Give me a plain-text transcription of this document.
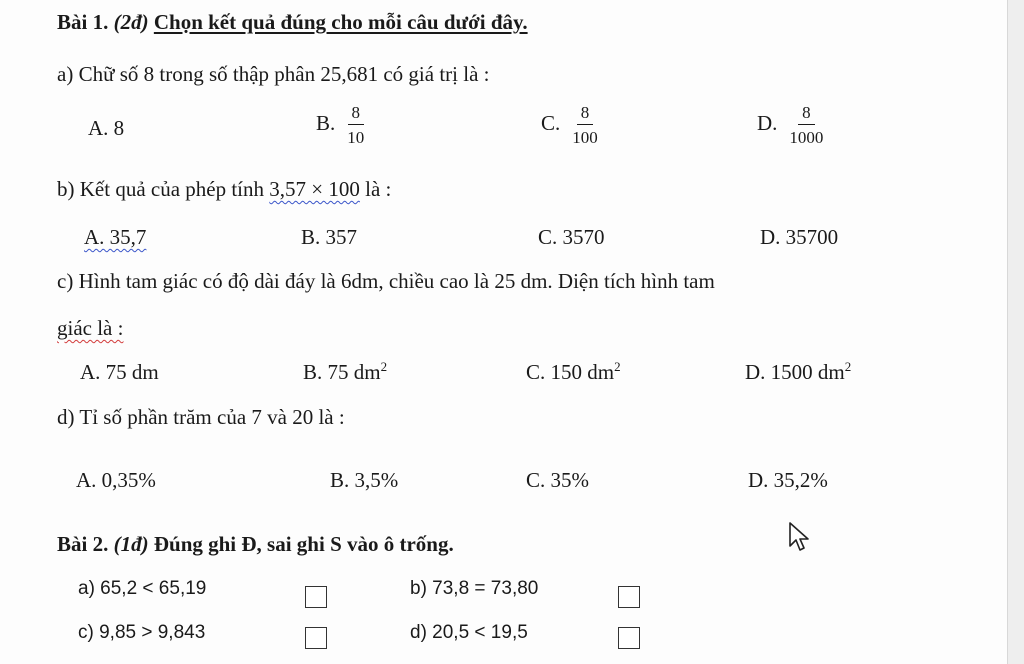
Bài 1. (2đ) Chọn kết quả đúng cho mỗi câu dưới đây.
a) Chữ số 8 trong số thập phân 25,681 có giá trị là :
A. 8	B. $\frac{8}{10}$	C. $\frac{8}{100}$	D. $\frac{8}{1000}$
b) Kết quả của phép tính 3,57 × 100 là :
A. 35,7	B. 357	C. 3570	D. 35700
c) Hình tam giác có độ dài đáy là 6dm, chiều cao là 25 dm. Diện tích hình tam
giác là :
A. 75 dm	B. 75 $dm^2$	C. 150 $dm^2$	D. 1500 $dm^2$
d) Tỉ số phần trăm của 7 và 20 là :
A. 0,35%	B. 3,5%	C. 35%	D. 35,2%
Bài 2. (1đ) Đúng ghi Đ, sai ghi S vào ô trống.
a) 65,2 < 65,19	b) 73,8 = 73,80
c) 9,85 > 9,843	d) 20,5 < 19,5
